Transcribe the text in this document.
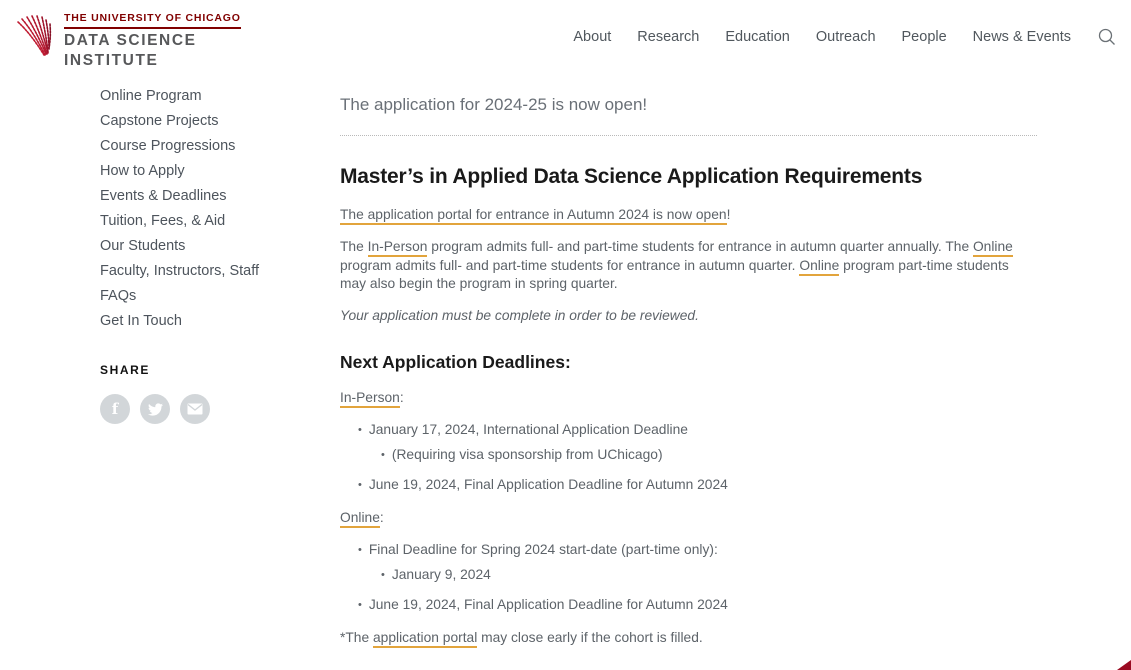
THE UNIVERSITY OF CHICAGO
DATA SCIENCE
INSTITUTE
About Research Education Outreach People News & Events
Online Program
Capstone Projects
Course Progressions
How to Apply
Events & Deadlines
Tuition, Fees, & Aid
Our Students
Faculty, Instructors, Staff
FAQs
Get In Touch
SHARE
f

The application for 2024-25 is now open!

Master’s in Applied Data Science Application Requirements

The application portal for entrance in Autumn 2024 is now open!

The In-Person program admits full- and part-time students for entrance in autumn quarter annually. The Online program admits full- and part-time students for entrance in autumn quarter. Online program part-time students may also begin the program in spring quarter.

Your application must be complete in order to be reviewed.

Next Application Deadlines:

In-Person:

•
January 17, 2024, International Application Deadline
•
(Requiring visa sponsorship from UChicago)
•
June 19, 2024, Final Application Deadline for Autumn 2024

Online:

•
Final Deadline for Spring 2024 start-date (part-time only):
•
January 9, 2024
•
June 19, 2024, Final Application Deadline for Autumn 2024

*The application portal may close early if the cohort is filled.
